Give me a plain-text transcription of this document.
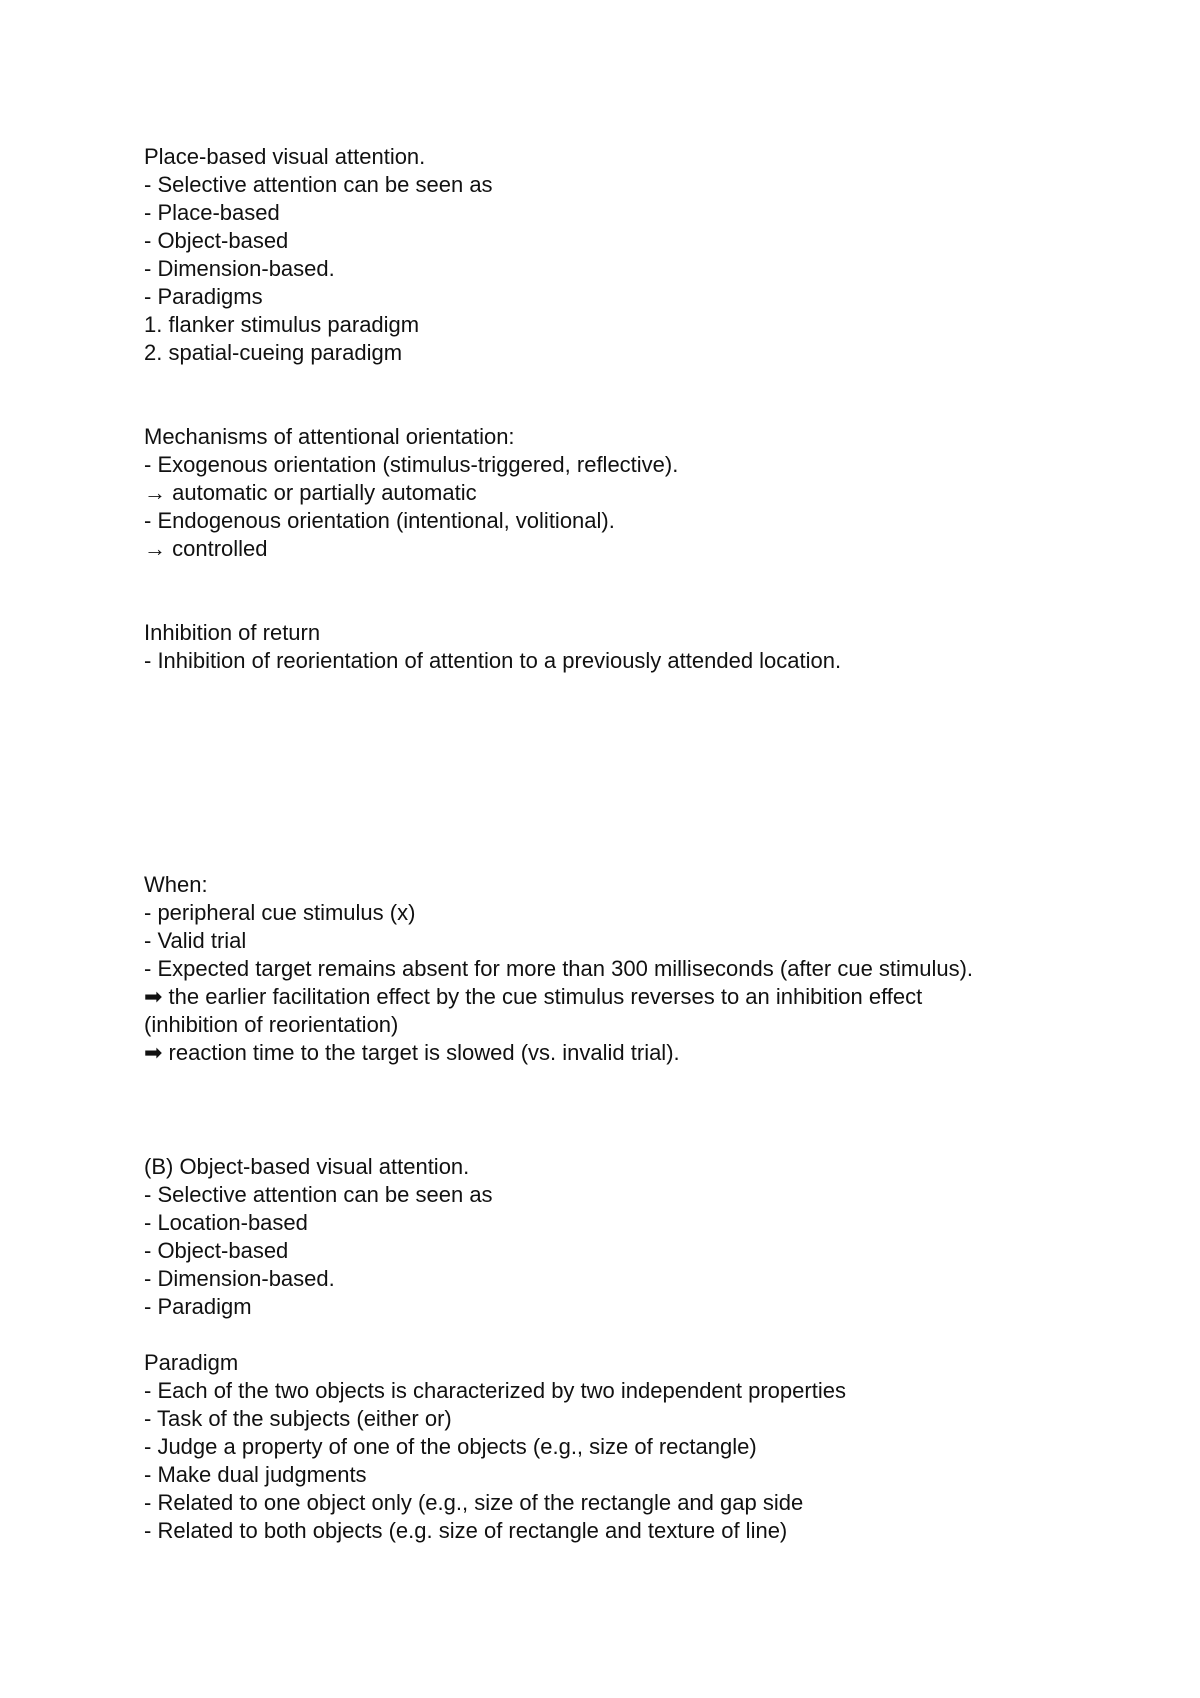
Place-based visual attention.
- Selective attention can be seen as
- Place-based
- Object-based
- Dimension-based.
- Paradigms
1. flanker stimulus paradigm
2. spatial-cueing paradigm
Mechanisms of attentional orientation:
- Exogenous orientation (stimulus-triggered, reflective).
→ automatic or partially automatic
- Endogenous orientation (intentional, volitional).
→ controlled
Inhibition of return
- Inhibition of reorientation of attention to a previously attended location.
When:
- peripheral cue stimulus (x)
- Valid trial
- Expected target remains absent for more than 300 milliseconds (after cue stimulus).
➡ the earlier facilitation effect by the cue stimulus reverses to an inhibition effect
(inhibition of reorientation)
➡ reaction time to the target is slowed (vs. invalid trial).
(B) Object-based visual attention.
- Selective attention can be seen as
- Location-based
- Object-based
- Dimension-based.
- Paradigm
Paradigm
- Each of the two objects is characterized by two independent properties
- Task of the subjects (either or)
- Judge a property of one of the objects (e.g., size of rectangle)
- Make dual judgments
- Related to one object only (e.g., size of the rectangle and gap side
- Related to both objects (e.g. size of rectangle and texture of line)
